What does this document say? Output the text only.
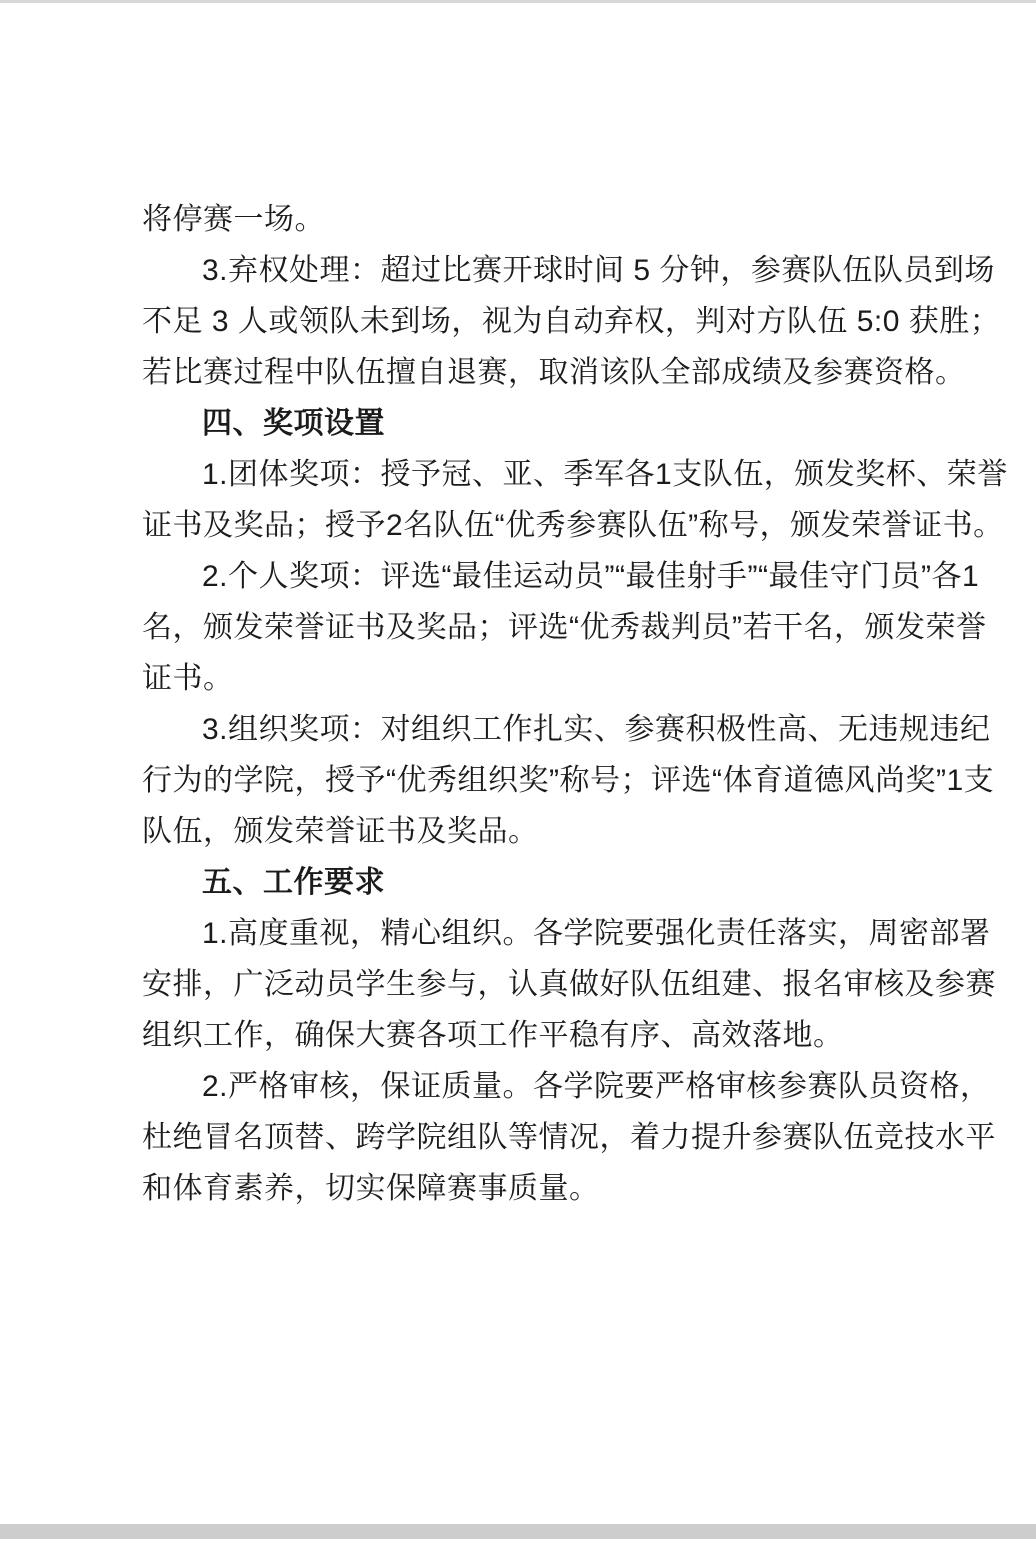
将停赛一场。
3.弃权处理：超过比赛开球时间 5 分钟，参赛队伍队员到场
不足 3 人或领队未到场，视为自动弃权，判对方队伍 5:0 获胜；
若比赛过程中队伍擅自退赛，取消该队全部成绩及参赛资格。
四、奖项设置
1.团体奖项：授予冠、亚、季军各1支队伍，颁发奖杯、荣誉
证书及奖品；授予2名队伍“优秀参赛队伍”称号，颁发荣誉证书。
2.个人奖项：评选“最佳运动员”“最佳射手”“最佳守门员”各1
名，颁发荣誉证书及奖品；评选“优秀裁判员”若干名，颁发荣誉
证书。
3.组织奖项：对组织工作扎实、参赛积极性高、无违规违纪
行为的学院，授予“优秀组织奖”称号；评选“体育道德风尚奖”1支
队伍，颁发荣誉证书及奖品。
五、工作要求
1.高度重视，精心组织。各学院要强化责任落实，周密部署
安排，广泛动员学生参与，认真做好队伍组建、报名审核及参赛
组织工作，确保大赛各项工作平稳有序、高效落地。
2.严格审核，保证质量。各学院要严格审核参赛队员资格，
杜绝冒名顶替、跨学院组队等情况，着力提升参赛队伍竞技水平
和体育素养，切实保障赛事质量。
